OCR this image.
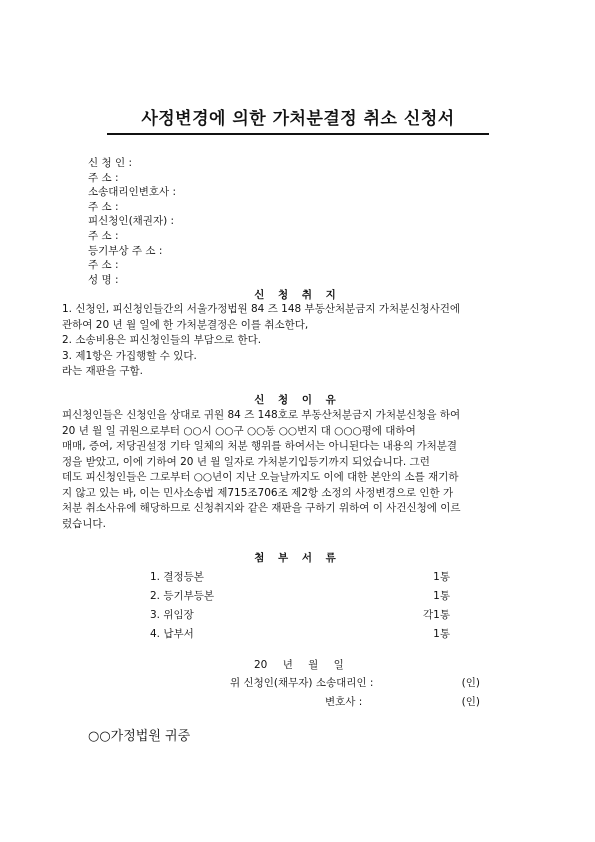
사정변경에 의한 가처분결정 취소 신청서
신 청 인 :
주 소 :
소송대리인변호사 :
주 소 :
피신청인(채권자) :
주 소 :
등기부상 주 소 :
주 소 :
성 명 :
신 청 취 지
1. 신청인, 피신청인들간의 서울가정법원 84 즈 148 부동산처분금지 가처분신청사건에
관하여 20 년 월 일에 한 가처분결정은 이를 취소한다,
2. 소송비용은 피신청인들의 부담으로 한다.
3. 제1항은 가집행할 수 있다.
라는 재판을 구함.
신 청 이 유
피신청인들은 신청인을 상대로 귀원 84 즈 148호로 부동산처분금지 가처분신청을 하여
20 년 월 일 귀원으로부터 ○○시 ○○구 ○○동 ○○번지 대 ○○○평에 대하여
매매, 증여, 저당권설정 기타 일체의 처분 행위를 하여서는 아니된다는 내용의 가처분결
정을 받았고, 이에 기하여 20 년 월 일자로 가처분기입등기까지 되었습니다. 그런
데도 피신청인들은 그로부터 ○○년이 지난 오늘날까지도 이에 대한 본안의 소를 재기하
지 않고 있는 바, 이는 민사소송법 제715조706조 제2항 소정의 사정변경으로 인한 가
처분 취소사유에 해당하므로 신청취지와 같은 재판을 구하기 위하여 이 사건신청에 이르
렀습니다.
첨 부 서 류
1. 결정등본	1통
2. 등기부등본	1통
3. 위임장	각1통
4. 납부서	1통
20 년 월 일
위 신청인(채무자) 소송대리인 :	(인)
변호사 :	(인)
○○가정법원 귀중
